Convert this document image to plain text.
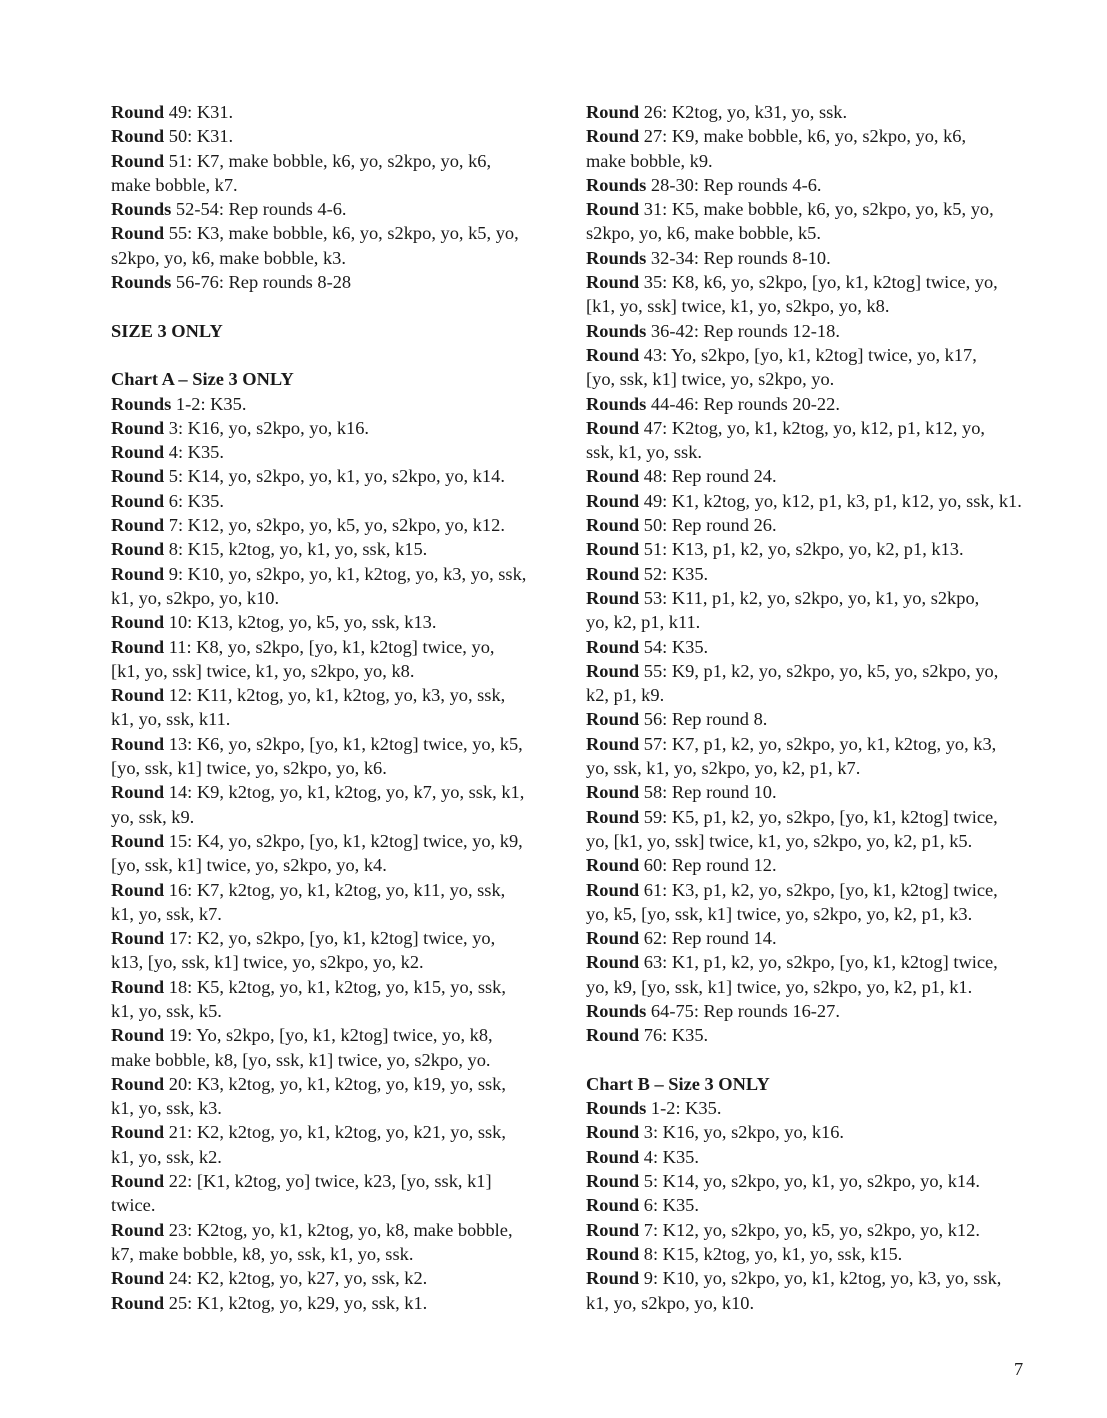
Round 49: K31.
Round 50: K31.
Round 51: K7, make bobble, k6, yo, s2kpo, yo, k6,
make bobble, k7.
Rounds 52-54: Rep rounds 4-6.
Round 55: K3, make bobble, k6, yo, s2kpo, yo, k5, yo,
s2kpo, yo, k6, make bobble, k3.
Rounds 56-76: Rep rounds 8-28
SIZE 3 ONLY
Chart A – Size 3 ONLY
Rounds 1-2: K35.
Round 3: K16, yo, s2kpo, yo, k16.
Round 4: K35.
Round 5: K14, yo, s2kpo, yo, k1, yo, s2kpo, yo, k14.
Round 6: K35.
Round 7: K12, yo, s2kpo, yo, k5, yo, s2kpo, yo, k12.
Round 8: K15, k2tog, yo, k1, yo, ssk, k15.
Round 9: K10, yo, s2kpo, yo, k1, k2tog, yo, k3, yo, ssk,
k1, yo, s2kpo, yo, k10.
Round 10: K13, k2tog, yo, k5, yo, ssk, k13.
Round 11: K8, yo, s2kpo, [yo, k1, k2tog] twice, yo,
[k1, yo, ssk] twice, k1, yo, s2kpo, yo, k8.
Round 12: K11, k2tog, yo, k1, k2tog, yo, k3, yo, ssk,
k1, yo, ssk, k11.
Round 13: K6, yo, s2kpo, [yo, k1, k2tog] twice, yo, k5,
[yo, ssk, k1] twice, yo, s2kpo, yo, k6.
Round 14: K9, k2tog, yo, k1, k2tog, yo, k7, yo, ssk, k1,
yo, ssk, k9.
Round 15: K4, yo, s2kpo, [yo, k1, k2tog] twice, yo, k9,
[yo, ssk, k1] twice, yo, s2kpo, yo, k4.
Round 16: K7, k2tog, yo, k1, k2tog, yo, k11, yo, ssk,
k1, yo, ssk, k7.
Round 17: K2, yo, s2kpo, [yo, k1, k2tog] twice, yo,
k13, [yo, ssk, k1] twice, yo, s2kpo, yo, k2.
Round 18: K5, k2tog, yo, k1, k2tog, yo, k15, yo, ssk,
k1, yo, ssk, k5.
Round 19: Yo, s2kpo, [yo, k1, k2tog] twice, yo, k8,
make bobble, k8, [yo, ssk, k1] twice, yo, s2kpo, yo.
Round 20: K3, k2tog, yo, k1, k2tog, yo, k19, yo, ssk,
k1, yo, ssk, k3.
Round 21: K2, k2tog, yo, k1, k2tog, yo, k21, yo, ssk,
k1, yo, ssk, k2.
Round 22: [K1, k2tog, yo] twice, k23, [yo, ssk, k1]
twice.
Round 23: K2tog, yo, k1, k2tog, yo, k8, make bobble,
k7, make bobble, k8, yo, ssk, k1, yo, ssk.
Round 24: K2, k2tog, yo, k27, yo, ssk, k2.
Round 25: K1, k2tog, yo, k29, yo, ssk, k1.
Round 26: K2tog, yo, k31, yo, ssk.
Round 27: K9, make bobble, k6, yo, s2kpo, yo, k6,
make bobble, k9.
Rounds 28-30: Rep rounds 4-6.
Round 31: K5, make bobble, k6, yo, s2kpo, yo, k5, yo,
s2kpo, yo, k6, make bobble, k5.
Rounds 32-34: Rep rounds 8-10.
Round 35: K8, k6, yo, s2kpo, [yo, k1, k2tog] twice, yo,
[k1, yo, ssk] twice, k1, yo, s2kpo, yo, k8.
Rounds 36-42: Rep rounds 12-18.
Round 43: Yo, s2kpo, [yo, k1, k2tog] twice, yo, k17,
[yo, ssk, k1] twice, yo, s2kpo, yo.
Rounds 44-46: Rep rounds 20-22.
Round 47: K2tog, yo, k1, k2tog, yo, k12, p1, k12, yo,
ssk, k1, yo, ssk.
Round 48: Rep round 24.
Round 49: K1, k2tog, yo, k12, p1, k3, p1, k12, yo, ssk, k1.
Round 50: Rep round 26.
Round 51: K13, p1, k2, yo, s2kpo, yo, k2, p1, k13.
Round 52: K35.
Round 53: K11, p1, k2, yo, s2kpo, yo, k1, yo, s2kpo,
yo, k2, p1, k11.
Round 54: K35.
Round 55: K9, p1, k2, yo, s2kpo, yo, k5, yo, s2kpo, yo,
k2, p1, k9.
Round 56: Rep round 8.
Round 57: K7, p1, k2, yo, s2kpo, yo, k1, k2tog, yo, k3,
yo, ssk, k1, yo, s2kpo, yo, k2, p1, k7.
Round 58: Rep round 10.
Round 59: K5, p1, k2, yo, s2kpo, [yo, k1, k2tog] twice,
yo, [k1, yo, ssk] twice, k1, yo, s2kpo, yo, k2, p1, k5.
Round 60: Rep round 12.
Round 61: K3, p1, k2, yo, s2kpo, [yo, k1, k2tog] twice,
yo, k5, [yo, ssk, k1] twice, yo, s2kpo, yo, k2, p1, k3.
Round 62: Rep round 14.
Round 63: K1, p1, k2, yo, s2kpo, [yo, k1, k2tog] twice,
yo, k9, [yo, ssk, k1] twice, yo, s2kpo, yo, k2, p1, k1.
Rounds 64-75: Rep rounds 16-27.
Round 76: K35.
Chart B – Size 3 ONLY
Rounds 1-2: K35.
Round 3: K16, yo, s2kpo, yo, k16.
Round 4: K35.
Round 5: K14, yo, s2kpo, yo, k1, yo, s2kpo, yo, k14.
Round 6: K35.
Round 7: K12, yo, s2kpo, yo, k5, yo, s2kpo, yo, k12.
Round 8: K15, k2tog, yo, k1, yo, ssk, k15.
Round 9: K10, yo, s2kpo, yo, k1, k2tog, yo, k3, yo, ssk,
k1, yo, s2kpo, yo, k10.
7
